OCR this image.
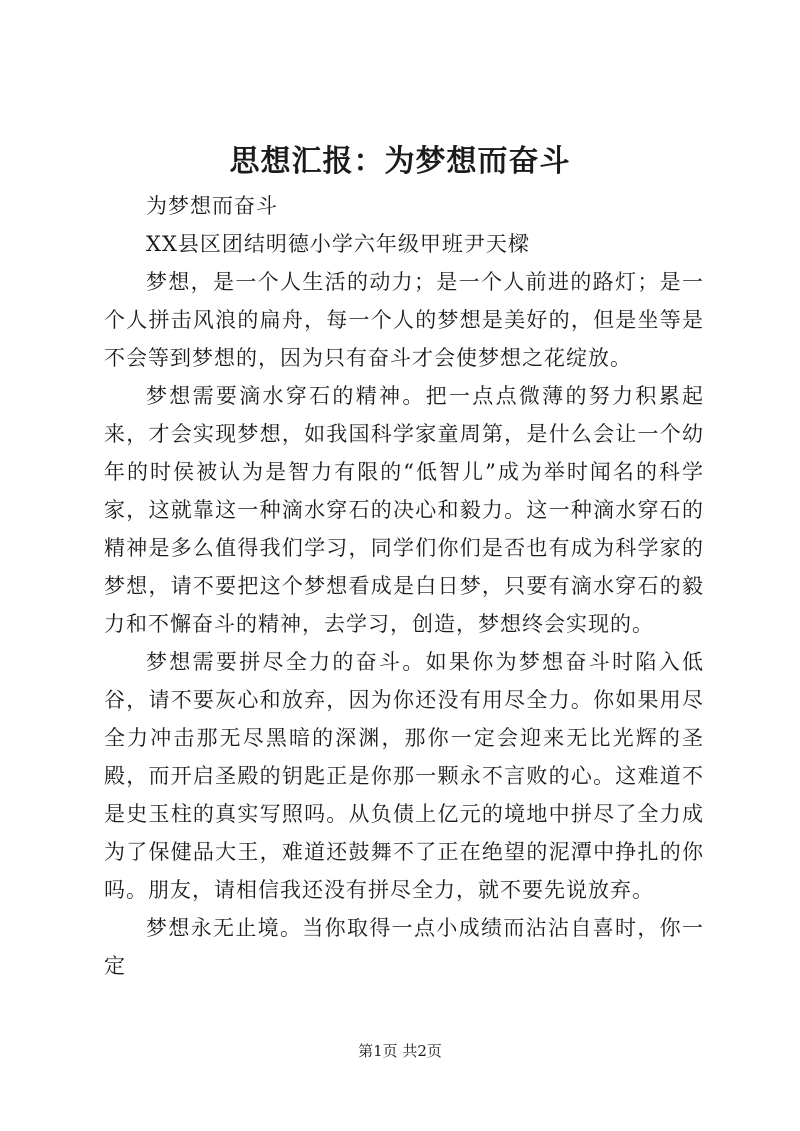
思想汇报：为梦想而奋斗

为梦想而奋斗

XX县区团结明德小学六年级甲班尹天樑

梦想，是一个人生活的动力；是一个人前进的路灯；是一个人拼击风浪的扁舟，每一个人的梦想是美好的，但是坐等是不会等到梦想的，因为只有奋斗才会使梦想之花绽放。

梦想需要滴水穿石的精神。把一点点微薄的努力积累起来，才会实现梦想，如我国科学家童周第，是什么会让一个幼年的时侯被认为是智力有限的“低智儿”成为举时闻名的科学家，这就靠这一种滴水穿石的决心和毅力。这一种滴水穿石的精神是多么值得我们学习，同学们你们是否也有成为科学家的梦想，请不要把这个梦想看成是白日梦，只要有滴水穿石的毅力和不懈奋斗的精神，去学习，创造，梦想终会实现的。

梦想需要拼尽全力的奋斗。如果你为梦想奋斗时陷入低谷，请不要灰心和放弃，因为你还没有用尽全力。你如果用尽全力冲击那无尽黑暗的深渊，那你一定会迎来无比光辉的圣殿，而开启圣殿的钥匙正是你那一颗永不言败的心。这难道不是史玉柱的真实写照吗。从负债上亿元的境地中拼尽了全力成为了保健品大王，难道还鼓舞不了正在绝望的泥潭中挣扎的你吗。朋友，请相信我还没有拼尽全力，就不要先说放弃。

梦想永无止境。当你取得一点小成绩而沾沾自喜时，你一定

第1页 共2页
